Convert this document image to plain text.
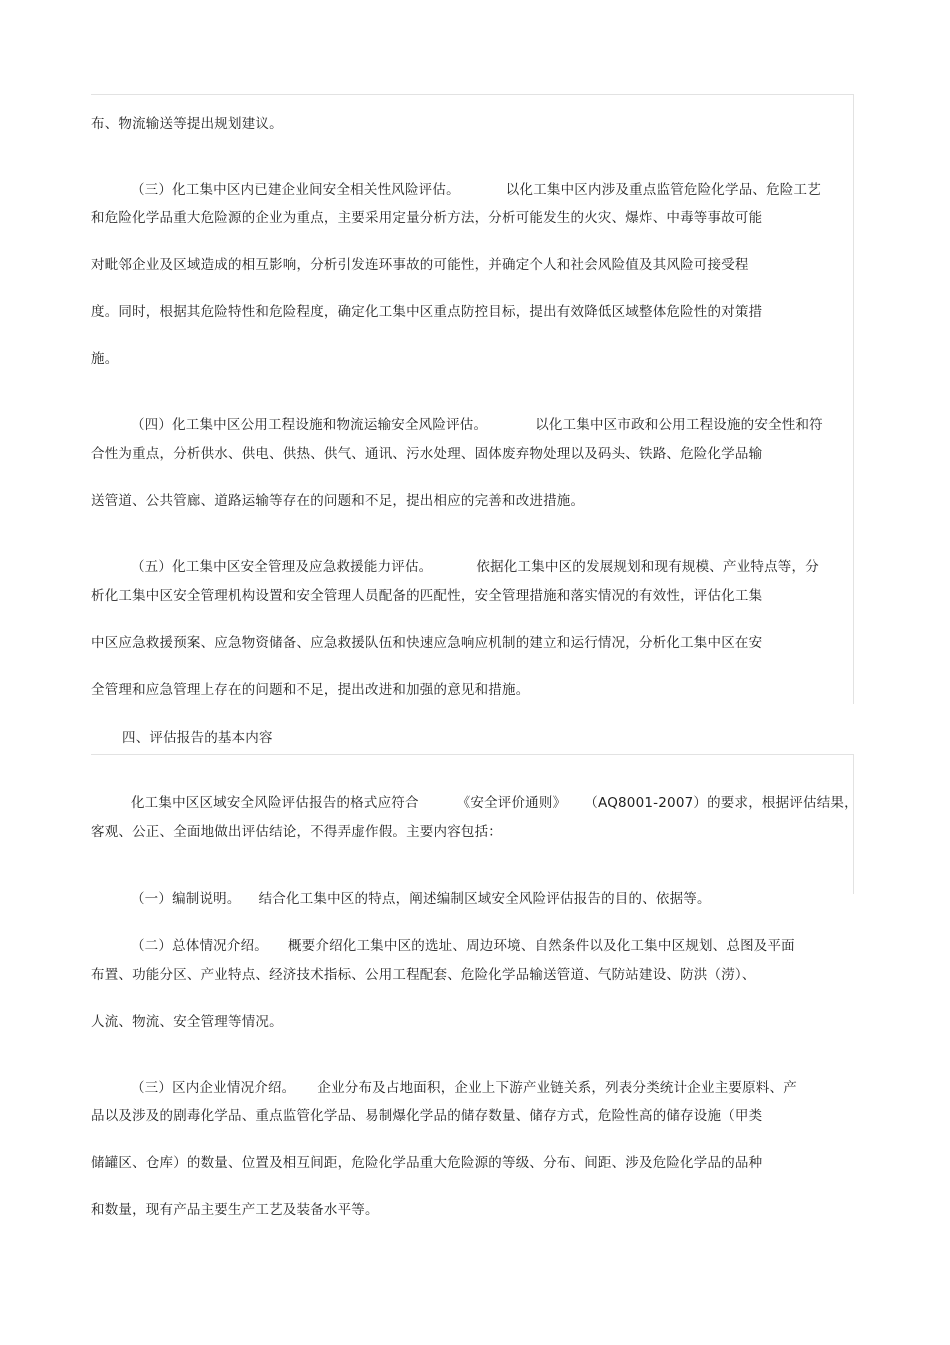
布、物流输送等提出规划建议。

（三）化工集中区内已建企业间安全相关性风险评估。	以化工集中区内涉及重点监管危险化学品、危险工艺

和危险化学品重大危险源的企业为重点，主要采用定量分析方法，分析可能发生的火灾、爆炸、中毒等事故可能
对毗邻企业及区域造成的相互影响，分析引发连环事故的可能性，并确定个人和社会风险值及其风险可接受程
度。同时，根据其危险特性和危险程度，确定化工集中区重点防控目标，提出有效降低区域整体危险性的对策措
施。

（四）化工集中区公用工程设施和物流运输安全风险评估。	以化工集中区市政和公用工程设施的安全性和符

合性为重点，分析供水、供电、供热、供气、通讯、污水处理、固体废弃物处理以及码头、铁路、危险化学品输
送管道、公共管廊、道路运输等存在的问题和不足，提出相应的完善和改进措施。

（五）化工集中区安全管理及应急救援能力评估。	依据化工集中区的发展规划和现有规模、产业特点等，分

析化工集中区安全管理机构设置和安全管理人员配备的匹配性，安全管理措施和落实情况的有效性，评估化工集
中区应急救援预案、应急物资储备、应急救援队伍和快速应急响应机制的建立和运行情况，分析化工集中区在安
全管理和应急管理上存在的问题和不足，提出改进和加强的意见和措施。
四、评估报告的基本内容

化工集中区区域安全风险评估报告的格式应符合	《安全评价通则》 （AQ8001-2007）的要求，根据评估结果，

客观、公正、全面地做出评估结论，不得弄虚作假。主要内容包括：

（一）编制说明。 结合化工集中区的特点，阐述编制区域安全风险评估报告的目的、依据等。

（二）总体情况介绍。 概要介绍化工集中区的选址、周边环境、自然条件以及化工集中区规划、总图及平面

布置、功能分区、产业特点、经济技术指标、公用工程配套、危险化学品输送管道、气防站建设、防洪（涝）、
人流、物流、安全管理等情况。

（三）区内企业情况介绍。 企业分布及占地面积，企业上下游产业链关系，列表分类统计企业主要原料、产

品以及涉及的剧毒化学品、重点监管化学品、易制爆化学品的储存数量、储存方式，危险性高的储存设施（甲类
储罐区、仓库）的数量、位置及相互间距，危险化学品重大危险源的等级、分布、间距、涉及危险化学品的品种
和数量，现有产品主要生产工艺及装备水平等。
